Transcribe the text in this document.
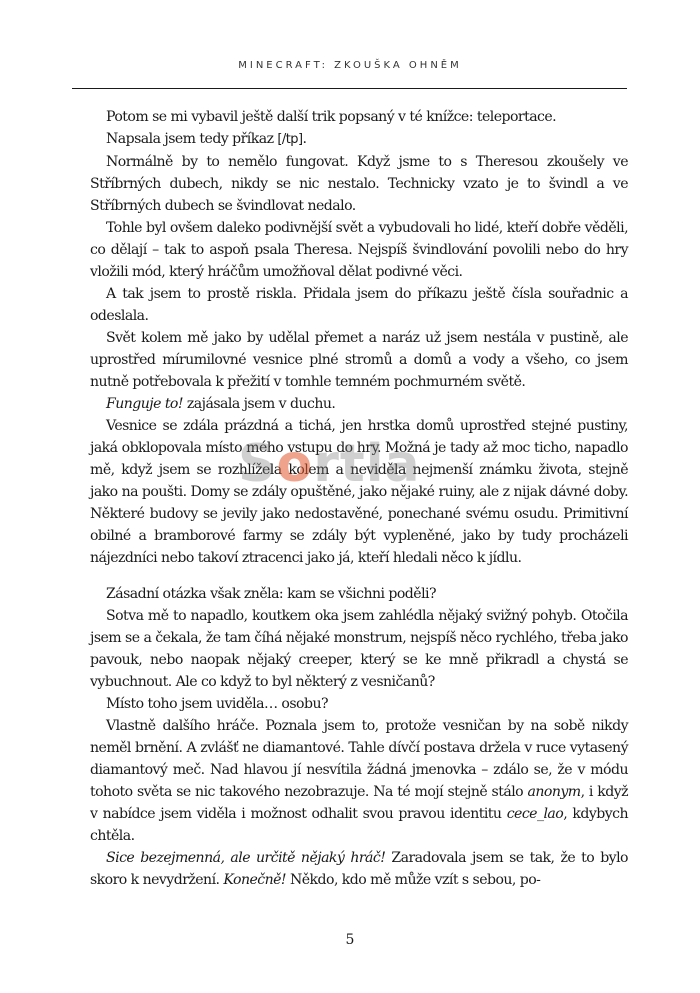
MINECRAFT: ZKOUŠKA OHNĚM

Potom se mi vybavil ještě další trik popsaný v té knížce: teleportace.

Napsala jsem tedy příkaz [/tp].

Normálně by to nemělo fungovat. Když jsme to s Theresou zkoušely ve Stříbrných dubech, nikdy se nic nestalo. Technicky vzato je to švindl a ve Stříbrných dubech se švindlovat nedalo.

Tohle byl ovšem daleko podivnější svět a vybudovali ho lidé, kteří dobře věděli, co dělají – tak to aspoň psala Theresa. Nejspíš švindlování povolili nebo do hry vložili mód, který hráčům umožňoval dělat podivné věci.

A tak jsem to prostě riskla. Přidala jsem do příkazu ještě čísla souřadnic a odeslala.

Svět kolem mě jako by udělal přemet a naráz už jsem nestála v pustině, ale uprostřed mírumilovné vesnice plné stromů a domů a vody a všeho, co jsem nutně potřebovala k přežití v tomhle temném pochmurném světě.

Funguje to! zajásala jsem v duchu.

Vesnice se zdála prázdná a tichá, jen hrstka domů uprostřed stejné pustiny, jaká obklopovala místo mého vstupu do hry. Možná je tady až moc ticho, napadlo mě, když jsem se rozhlížela kolem a neviděla nejmenší známku života, stejně jako na poušti. Domy se zdály opuštěné, jako nějaké ruiny, ale z nijak dávné doby. Některé budovy se jevily jako nedostavěné, ponechané svému osudu. Primitivní obilné a bramborové farmy se zdály být vypleněné, jako by tudy procházeli nájezdníci nebo takoví ztracenci jako já, kteří hledali něco k jídlu.

Zásadní otázka však zněla: kam se všichni poděli?

Sotva mě to napadlo, koutkem oka jsem zahlédla nějaký svižný pohyb. Otočila jsem se a čekala, že tam číhá nějaké monstrum, nejspíš něco rychlého, třeba jako pavouk, nebo naopak nějaký creeper, který se ke mně přikradl a chystá se vybuchnout. Ale co když to byl některý z vesničanů?

Místo toho jsem uviděla… osobu?

Vlastně dalšího hráče. Poznala jsem to, protože vesničan by na sobě nikdy neměl brnění. A zvlášť ne diamantové. Tahle dívčí postava držela v ruce vytasený diamantový meč. Nad hlavou jí nesvítila žádná jmenovka – zdálo se, že v módu tohoto světa se nic takového nezobrazuje. Na té mojí stejně stálo anonym, i když v nabídce jsem viděla i možnost odhalit svou pravou identitu cece_lao, kdybych chtěla.

Sice bezejmenná, ale určitě nějaký hráč! Zaradovala jsem se tak, že to bylo skoro k nevydržení. Konečně! Někdo, kdo mě může vzít s sebou, po-

Sortla
5
